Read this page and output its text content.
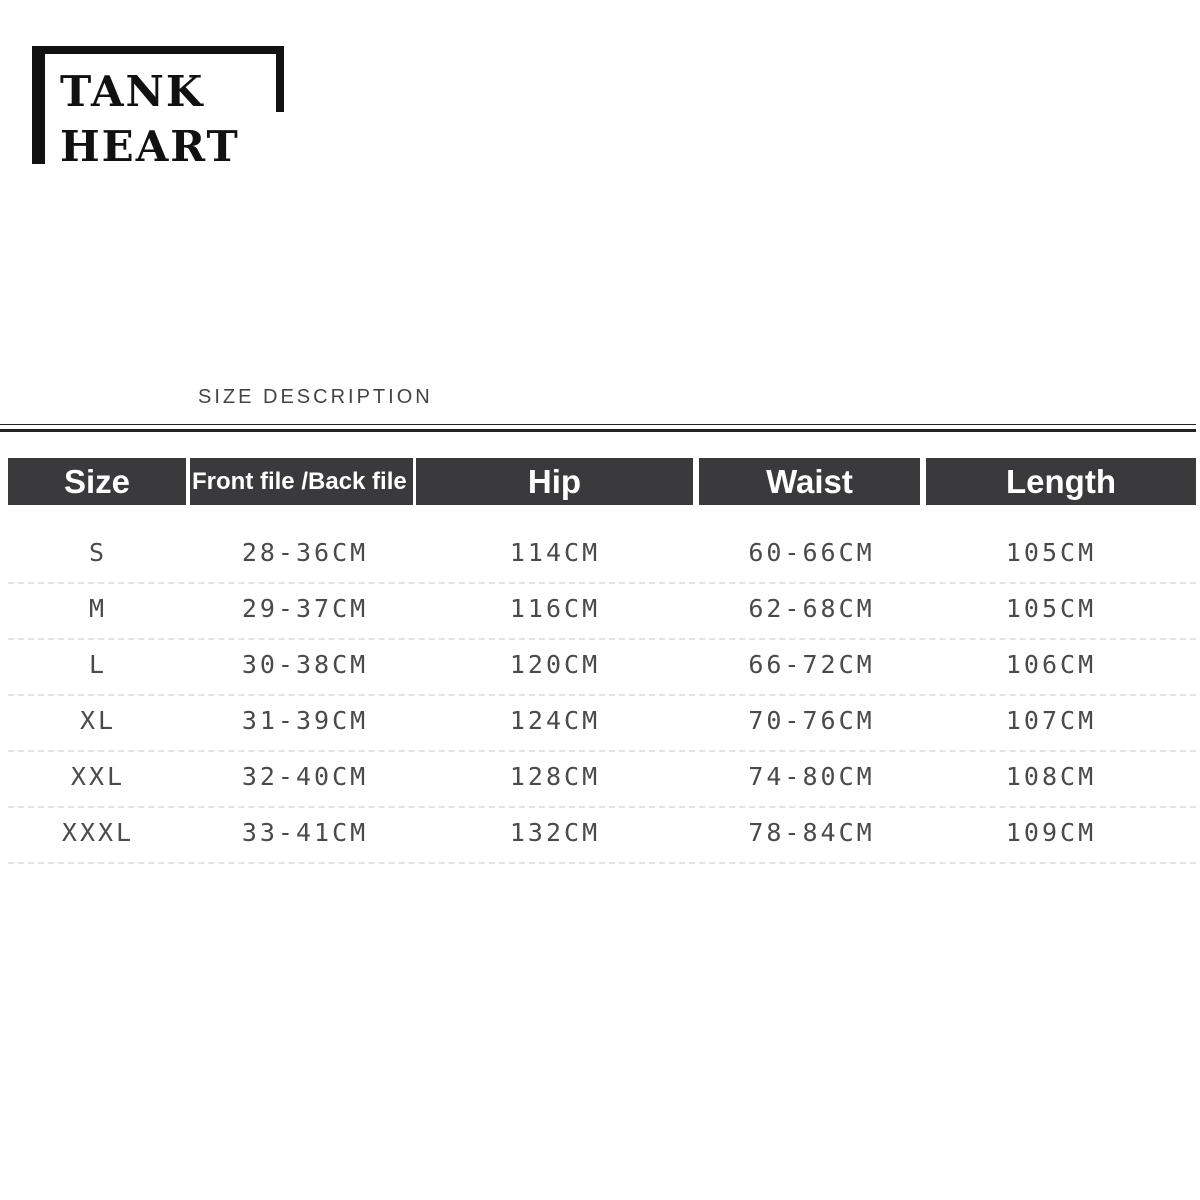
TANK
HEART
SIZE DESCRIPTION
Size	Front file /Back file	Hip	Waist	Length
S	28-36CM	114CM	60-66CM	105CM
M	29-37CM	116CM	62-68CM	105CM
L	30-38CM	120CM	66-72CM	106CM
XL	31-39CM	124CM	70-76CM	107CM
XXL	32-40CM	128CM	74-80CM	108CM
XXXL	33-41CM	132CM	78-84CM	109CM
